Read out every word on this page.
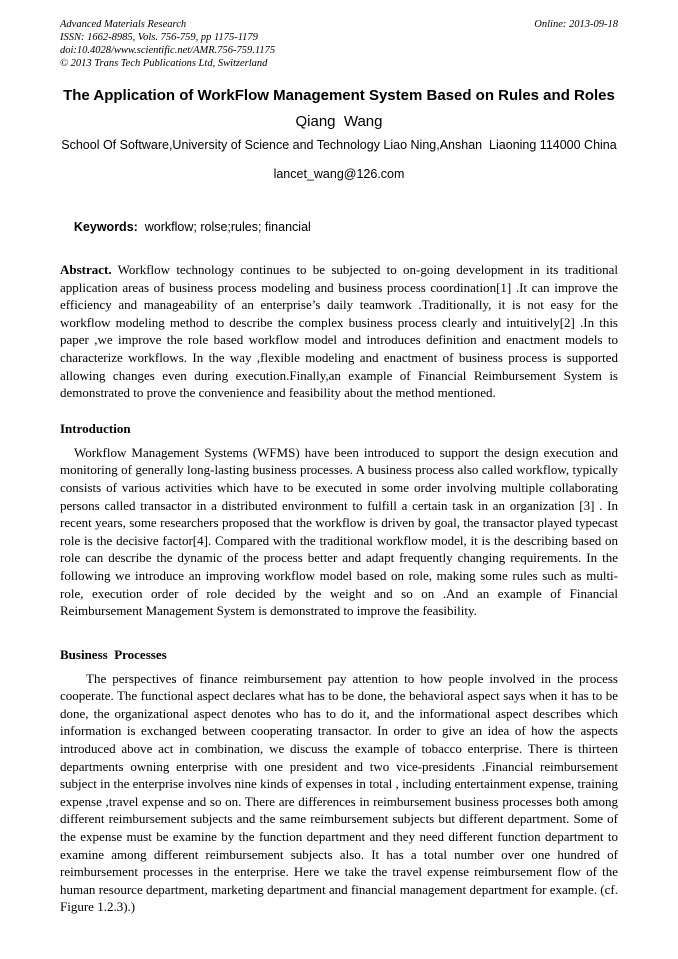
Advanced Materials Research
ISSN: 1662-8985, Vols. 756-759, pp 1175-1179
doi:10.4028/www.scientific.net/AMR.756-759.1175
© 2013 Trans Tech Publications Ltd, Switzerland
Online: 2013-09-18
The Application of WorkFlow Management System Based on Rules and Roles
Qiang  Wang
School Of Software,University of Science and Technology Liao Ning,Anshan  Liaoning 114000 China
lancet_wang@126.com

Keywords:  workflow; rolse;rules; financial

Abstract. Workflow technology continues to be subjected to on-going development in its traditional application areas of business process modeling and business process coordination[1] .It can improve the efficiency and manageability of an enterprise’s daily teamwork .Traditionally, it is not easy for the workflow modeling method to describe the complex business process clearly and intuitively[2] .In this paper ,we improve the role based workflow model and introduces definition and enactment models to characterize workflows. In the way ,flexible modeling and enactment of business process is supported allowing changes even during execution.Finally,an example of Financial Reimbursement System is demonstrated to prove the convenience and feasibility about the method mentioned.
Introduction
Workflow Management Systems (WFMS) have been introduced to support the design execution and monitoring of generally long-lasting business processes. A business process also called workflow, typically consists of various activities which have to be executed in some order involving multiple collaborating persons called transactor in a distributed environment to fulfill a certain task in an organization [3] . In recent years, some researchers proposed that the workflow is driven by goal, the transactor played typecast role is the decisive factor[4]. Compared with the traditional workflow model, it is the describing based on role can describe the dynamic of the process better and adapt frequently changing requirements. In the following we introduce an improving workflow model based on role, making some rules such as multi-role, execution order of role decided by the weight and so on .And an example of Financial Reimbursement Management System is demonstrated to improve the feasibility.
Business  Processes
The perspectives of finance reimbursement pay attention to how people involved in the process cooperate. The functional aspect declares what has to be done, the behavioral aspect says when it has to be done, the organizational aspect denotes who has to do it, and the informational aspect describes which information is exchanged between cooperating transactor. In order to give an idea of how the aspects introduced above act in combination, we discuss the example of tobacco enterprise. There is thirteen departments owning enterprise with one president and two vice-presidents .Financial reimbursement subject in the enterprise involves nine kinds of expenses in total , including entertainment expense, training expense ,travel expense and so on. There are differences in reimbursement business processes both among different reimbursement subjects and the same reimbursement subjects but different department. Some of the expense must be examine by the function department and they need different function department to examine among different reimbursement subjects also. It has a total number over one hundred of reimbursement processes in the enterprise. Here we take the travel expense reimbursement flow of the human resource department, marketing department and financial management department for example. (cf. Figure 1.2.3).)
